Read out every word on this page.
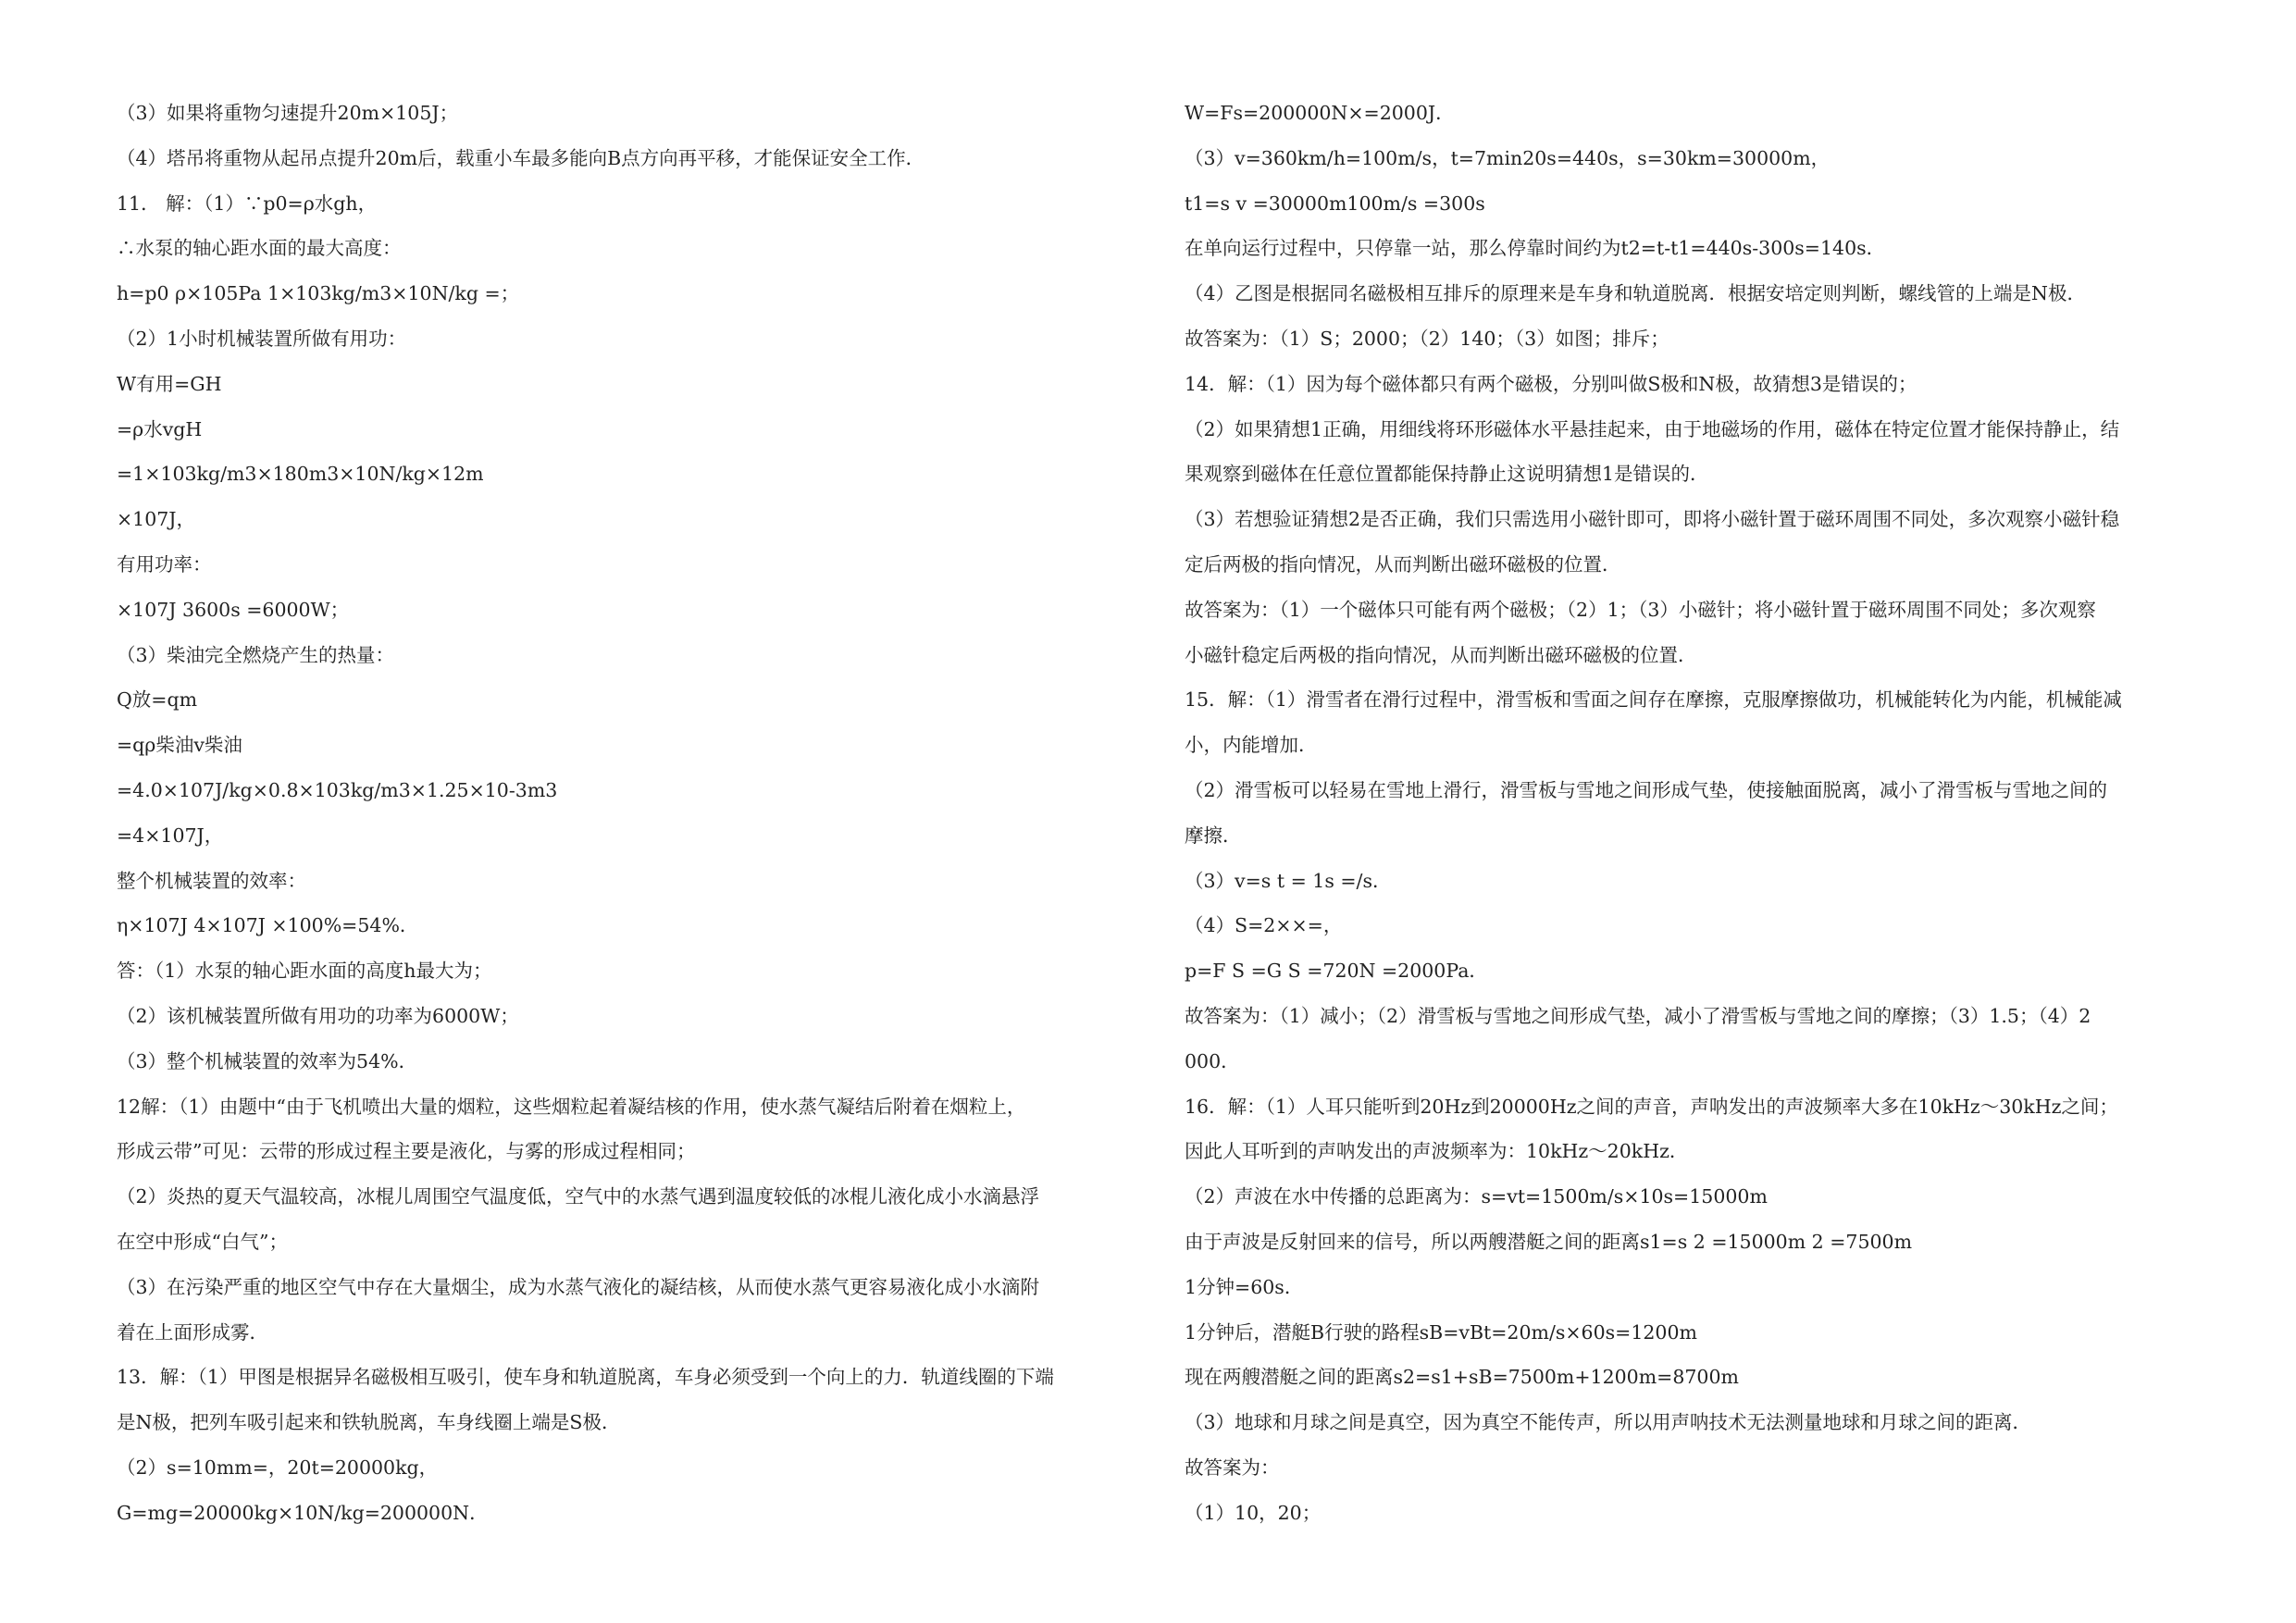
（3）如果将重物匀速提升20m×105J；
（4）塔吊将重物从起吊点提升20m后，载重小车最多能向B点方向再平移，才能保证安全工作．
11． 解：（1）∵p0=ρ水gh，
∴水泵的轴心距水面的最大高度：
h=p0 ρ×105Pa 1×103kg/m3×10N/kg =；
（2）1小时机械装置所做有用功：
W有用=GH
=ρ水vgH
=1×103kg/m3×180m3×10N/kg×12m
×107J，
有用功率：
×107J 3600s =6000W；
（3）柴油完全燃烧产生的热量：
Q放=qm
=qρ柴油v柴油
=4.0×107J/kg×0.8×103kg/m3×1.25×10-3m3
=4×107J，
整个机械装置的效率：
η×107J 4×107J ×100%=54%．
答：（1）水泵的轴心距水面的高度h最大为；
（2）该机械装置所做有用功的功率为6000W；
（3）整个机械装置的效率为54%．
12解：（1）由题中“由于飞机喷出大量的烟粒，这些烟粒起着凝结核的作用，使水蒸气凝结后附着在烟粒上，
形成云带”可见：云带的形成过程主要是液化，与雾的形成过程相同；
（2）炎热的夏天气温较高，冰棍儿周围空气温度低，空气中的水蒸气遇到温度较低的冰棍儿液化成小水滴悬浮
在空中形成“白气”；
（3）在污染严重的地区空气中存在大量烟尘，成为水蒸气液化的凝结核，从而使水蒸气更容易液化成小水滴附
着在上面形成雾．
13．解：（1）甲图是根据异名磁极相互吸引，使车身和轨道脱离，车身必须受到一个向上的力．轨道线圈的下端
是N极，把列车吸引起来和铁轨脱离，车身线圈上端是S极．
（2）s=10mm=，20t=20000kg，
G=mg=20000kg×10N/kg=200000N．
W=Fs=200000N×=2000J．
（3）v=360km/h=100m/s，t=7min20s=440s，s=30km=30000m，
t1=s v =30000m100m/s =300s
在单向运行过程中，只停靠一站，那么停靠时间约为t2=t-t1=440s-300s=140s．
（4）乙图是根据同名磁极相互排斥的原理来是车身和轨道脱离．根据安培定则判断，螺线管的上端是N极．
故答案为：（1）S；2000；（2）140；（3）如图；排斥；
14．解：（1）因为每个磁体都只有两个磁极，分别叫做S极和N极，故猜想3是错误的；
（2）如果猜想1正确，用细线将环形磁体水平悬挂起来，由于地磁场的作用，磁体在特定位置才能保持静止，结
果观察到磁体在任意位置都能保持静止这说明猜想1是错误的．
（3）若想验证猜想2是否正确，我们只需选用小磁针即可，即将小磁针置于磁环周围不同处，多次观察小磁针稳
定后两极的指向情况，从而判断出磁环磁极的位置．
故答案为：（1）一个磁体只可能有两个磁极；（2）1；（3）小磁针；将小磁针置于磁环周围不同处；多次观察
小磁针稳定后两极的指向情况，从而判断出磁环磁极的位置．
15．解：（1）滑雪者在滑行过程中，滑雪板和雪面之间存在摩擦，克服摩擦做功，机械能转化为内能，机械能减
小，内能增加．
（2）滑雪板可以轻易在雪地上滑行，滑雪板与雪地之间形成气垫，使接触面脱离，减小了滑雪板与雪地之间的
摩擦．
（3）v=s t = 1s =/s．
（4）S=2××=，
p=F S =G S =720N =2000Pa．
故答案为：（1）减小；（2）滑雪板与雪地之间形成气垫，减小了滑雪板与雪地之间的摩擦；（3）1.5；（4）2
000．
16．解：（1）人耳只能听到20Hz到20000Hz之间的声音，声呐发出的声波频率大多在10kHz～30kHz之间；
因此人耳听到的声呐发出的声波频率为：10kHz～20kHz．
（2）声波在水中传播的总距离为：s=vt=1500m/s×10s=15000m
由于声波是反射回来的信号，所以两艘潜艇之间的距离s1=s 2 =15000m 2 =7500m
1分钟=60s．
1分钟后，潜艇B行驶的路程sB=vBt=20m/s×60s=1200m
现在两艘潜艇之间的距离s2=s1+sB=7500m+1200m=8700m
（3）地球和月球之间是真空，因为真空不能传声，所以用声呐技术无法测量地球和月球之间的距离．
故答案为：
（1）10，20；
